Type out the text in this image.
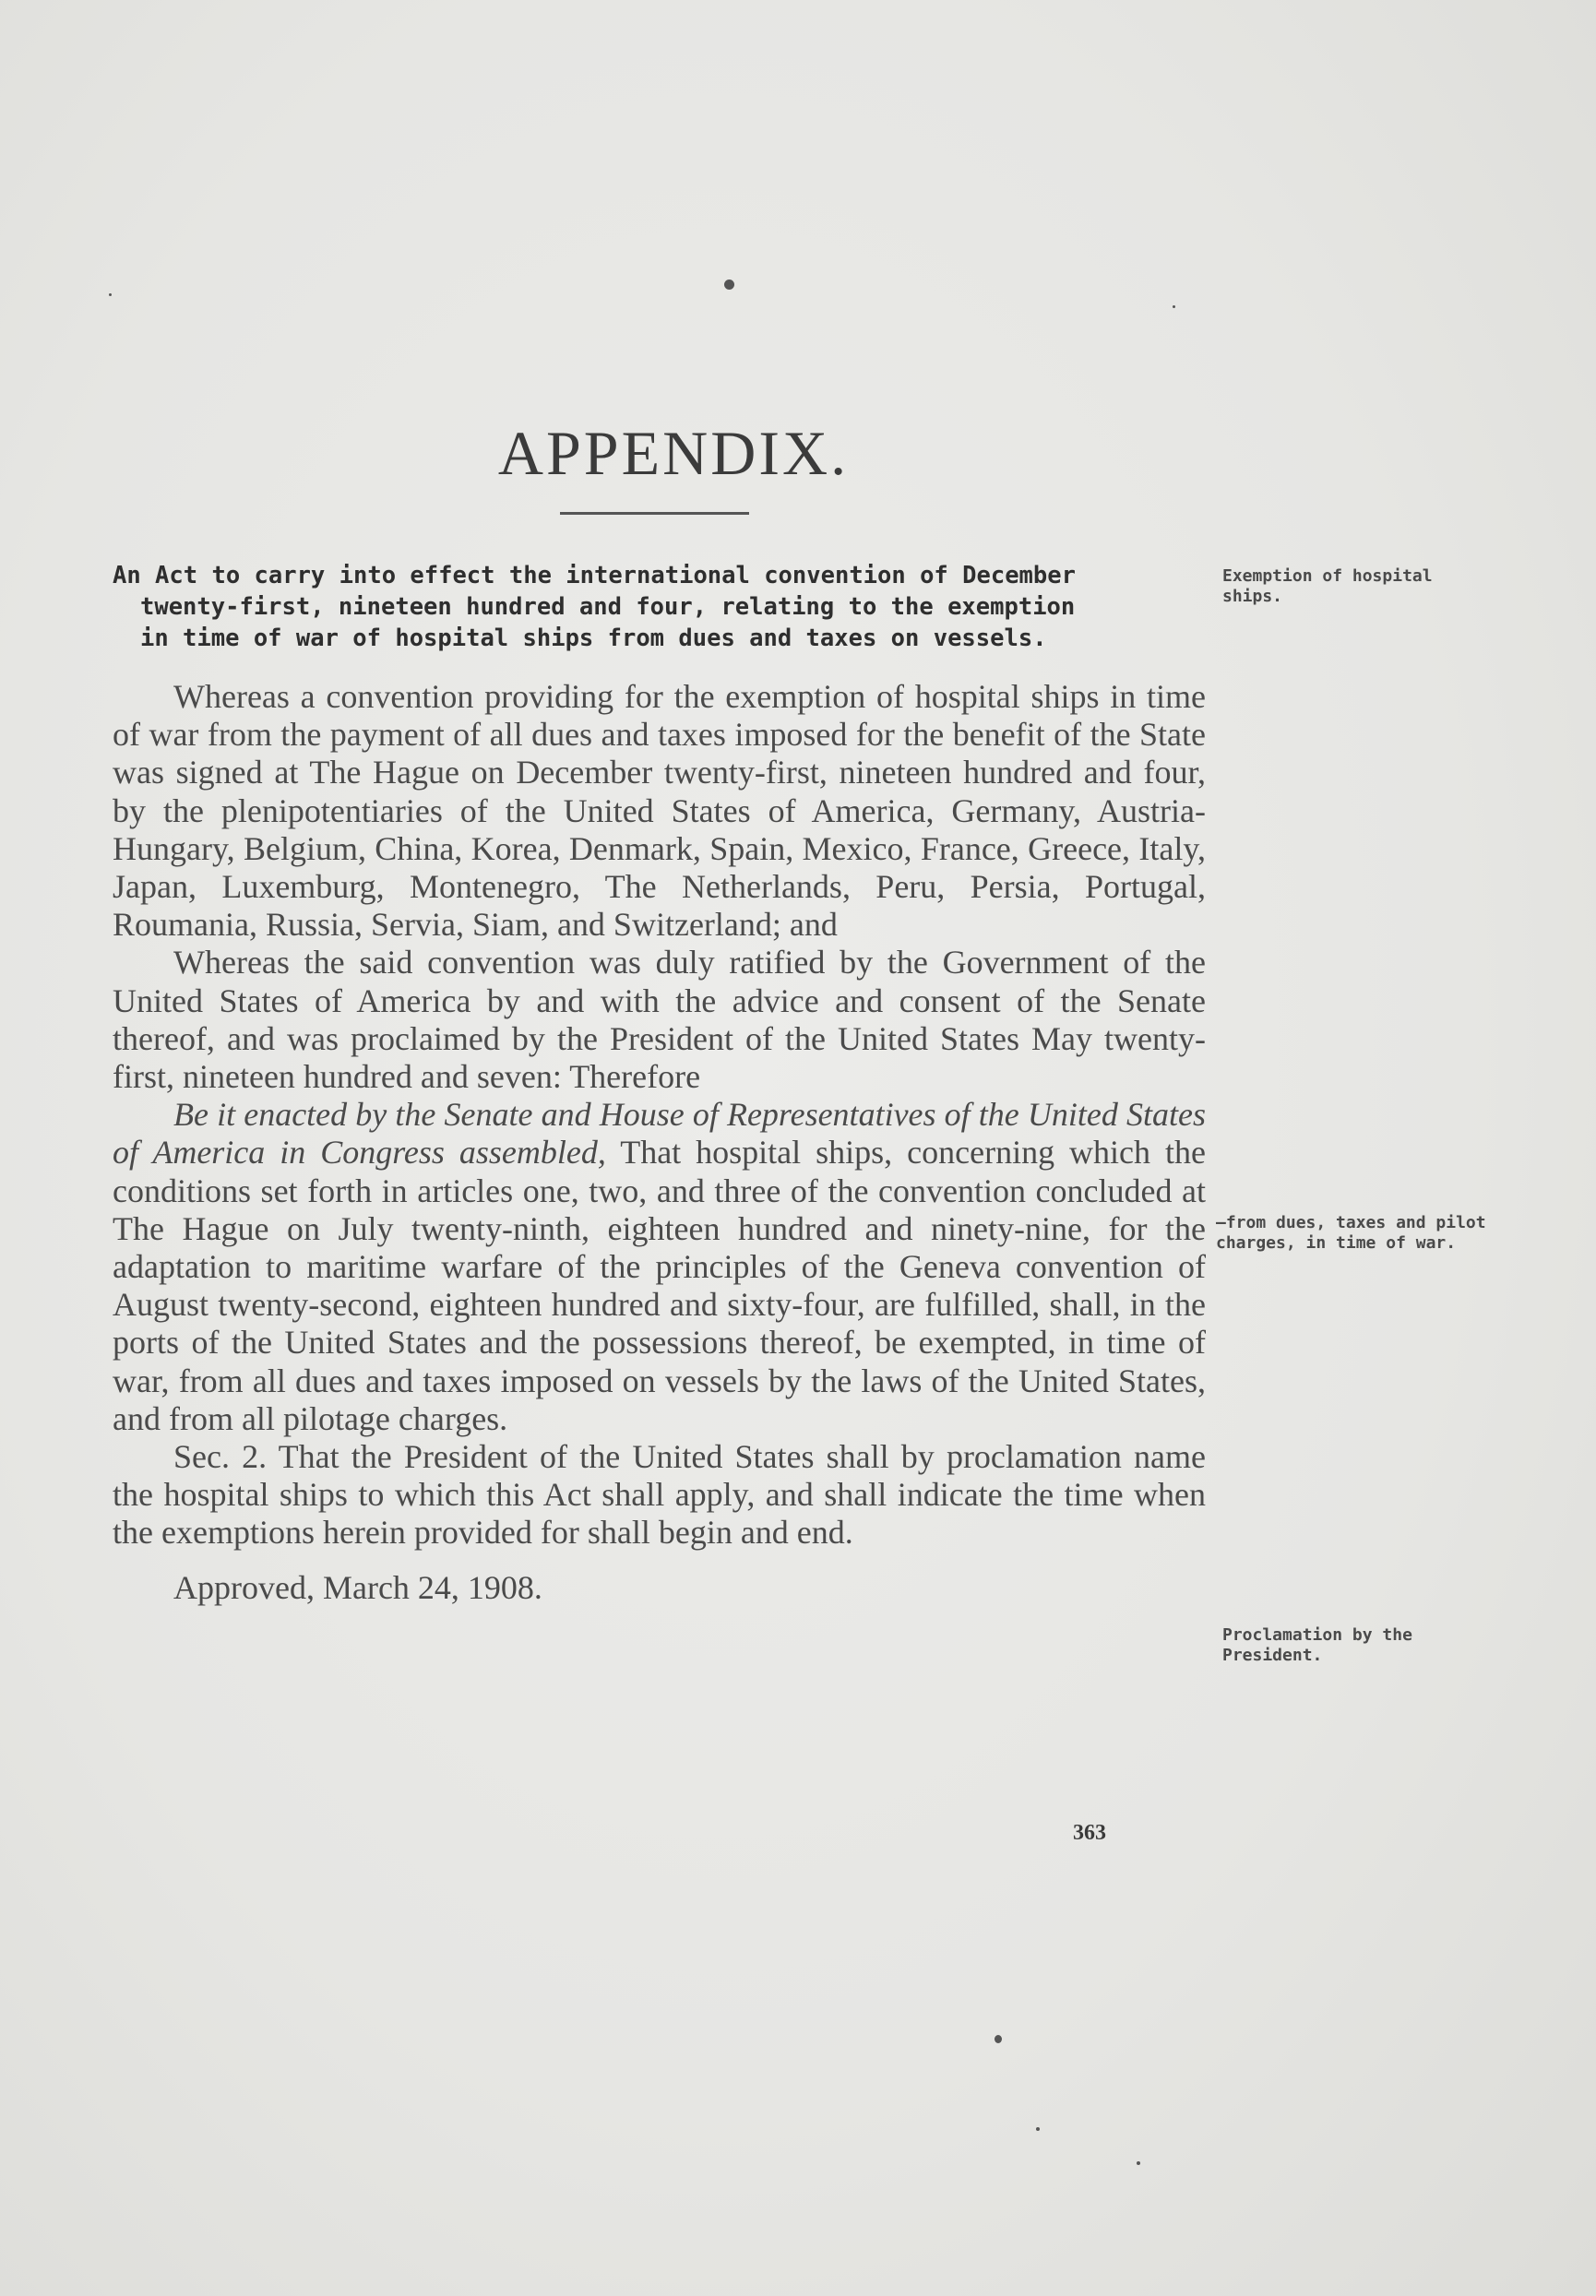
APPENDIX.
An Act to carry into effect the international convention of December
twenty-first, nineteen hundred and four, relating to the exemption
in time of war of hospital ships from dues and taxes on vessels.
Exemption of hospital ships.
—from dues, taxes and pilot charges, in time of war.
Proclamation by the President.

Whereas a convention providing for the exemption of hospital ships in time of war from the payment of all dues and taxes imposed for the benefit of the State was signed at The Hague on December twenty-first, nineteen hundred and four, by the plenipotentiaries of the United States of America, Germany, Austria-Hungary, Belgium, China, Korea, Denmark, Spain, Mexico, France, Greece, Italy, Japan, Luxemburg, Montenegro, The Netherlands, Peru, Persia, Portugal, Roumania, Russia, Servia, Siam, and Switzerland; and

Whereas the said convention was duly ratified by the Government of the United States of America by and with the advice and consent of the Senate thereof, and was proclaimed by the President of the United States May twenty-first, nineteen hundred and seven: Therefore

Be it enacted by the Senate and House of Representatives of the United States of America in Congress assembled, That hospital ships, concerning which the conditions set forth in articles one, two, and three of the convention concluded at The Hague on July twenty-ninth, eighteen hundred and ninety-nine, for the adaptation to maritime warfare of the principles of the Geneva convention of August twenty-second, eighteen hundred and sixty-four, are fulfilled, shall, in the ports of the United States and the possessions thereof, be exempted, in time of war, from all dues and taxes imposed on vessels by the laws of the United States, and from all pilotage charges.

Sec. 2. That the President of the United States shall by proclamation name the hospital ships to which this Act shall apply, and shall indicate the time when the exemptions herein provided for shall begin and end.

Approved, March 24, 1908.

363
